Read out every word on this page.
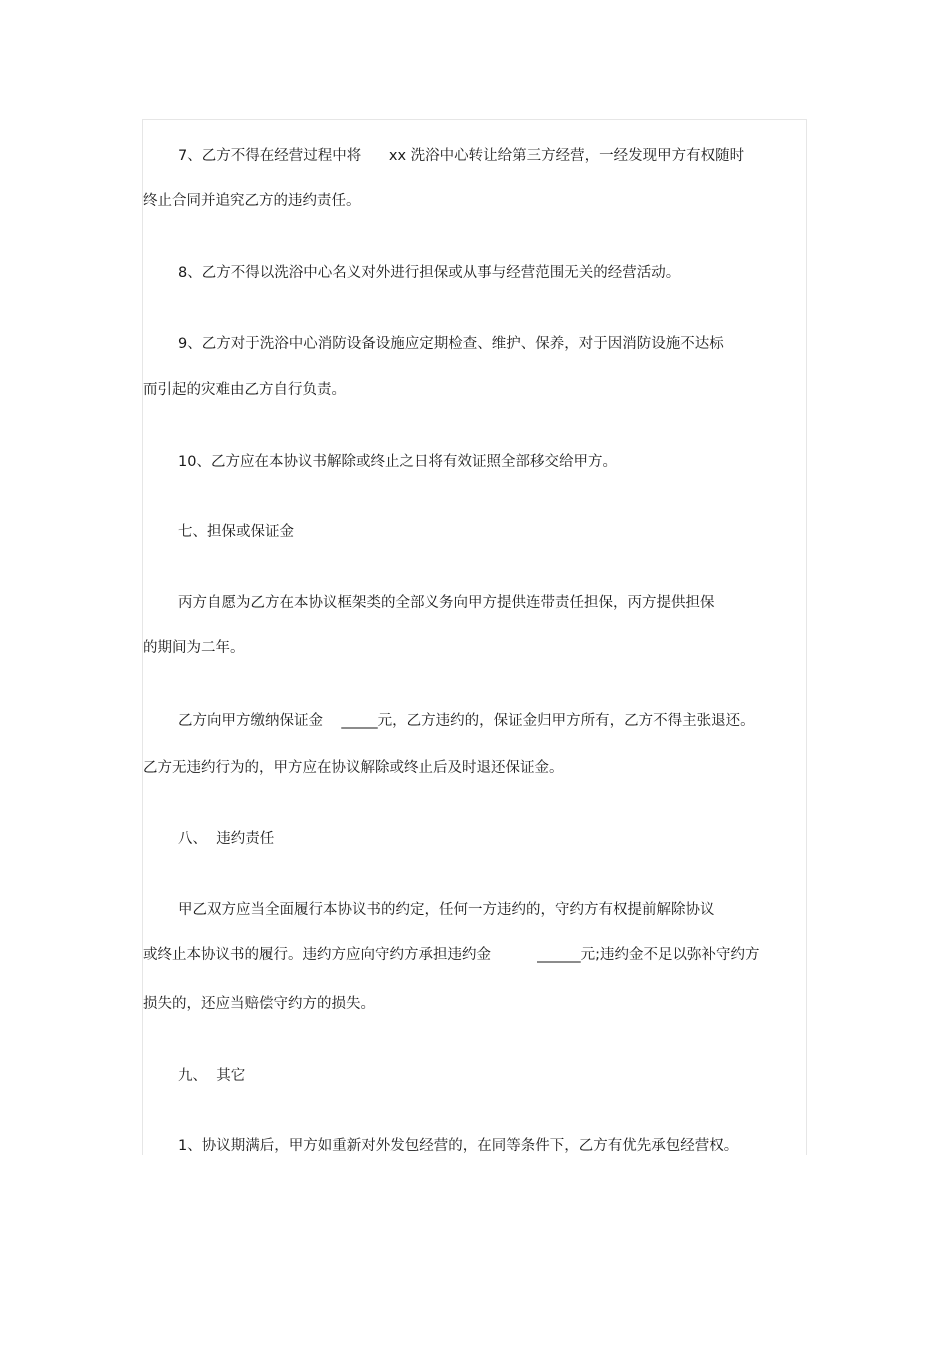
7、乙方不得在经营过程中将      xx 洗浴中心转让给第三方经营，一经发现甲方有权随时
终止合同并追究乙方的违约责任。
8、乙方不得以洗浴中心名义对外进行担保或从事与经营范围无关的经营活动。
9、乙方对于洗浴中心消防设备设施应定期检查、维护、保养，对于因消防设施不达标
而引起的灾难由乙方自行负责。
10、乙方应在本协议书解除或终止之日将有效证照全部移交给甲方。
七、担保或保证金
丙方自愿为乙方在本协议框架类的全部义务向甲方提供连带责任担保，丙方提供担保
的期间为二年。
乙方向甲方缴纳保证金    _____元，乙方违约的，保证金归甲方所有，乙方不得主张退还。
乙方无违约行为的，甲方应在协议解除或终止后及时退还保证金。
八、  违约责任
甲乙双方应当全面履行本协议书的约定，任何一方违约的，守约方有权提前解除协议
或终止本协议书的履行。违约方应向守约方承担违约金          ______元;违约金不足以弥补守约方
损失的，还应当赔偿守约方的损失。
九、  其它
1、协议期满后，甲方如重新对外发包经营的，在同等条件下，乙方有优先承包经营权。
